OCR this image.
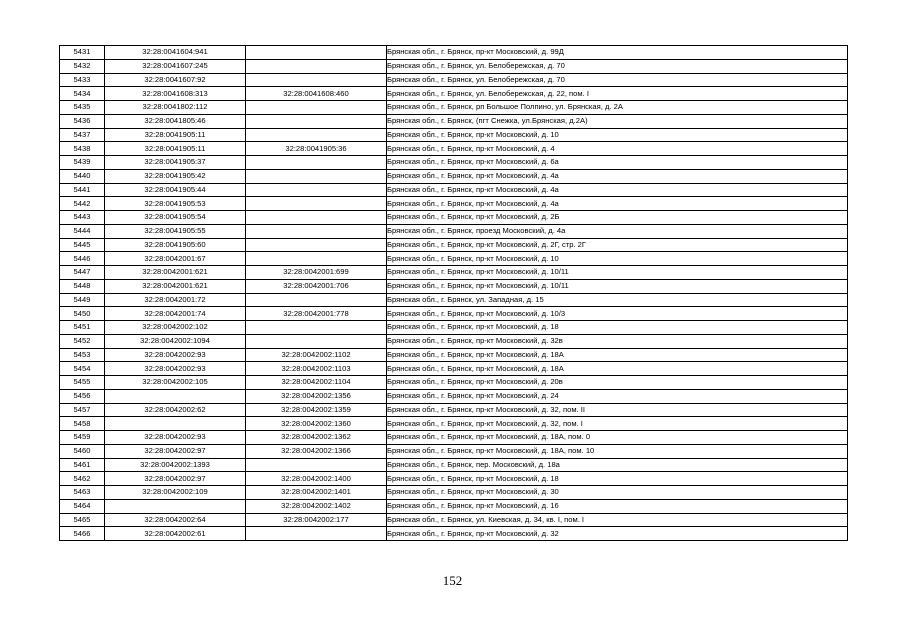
5431	32:28:0041604:941		Брянская обл., г. Брянск, пр-кт Московский, д. 99Д
5432	32:28:0041607:245		Брянская обл., г. Брянск, ул. Белобережская, д. 70
5433	32:28:0041607:92		Брянская обл., г. Брянск, ул. Белобережская, д. 70
5434	32:28:0041608:313	32:28:0041608:460	Брянская обл., г. Брянск, ул. Белобережская, д. 22, пом. I
5435	32:28:0041802:112		Брянская обл., г. Брянск, рп Большое Полпино, ул. Брянская, д. 2А
5436	32:28:0041805:46		Брянская обл., г. Брянск, (пгт Снежка, ул.Брянская, д.2А)
5437	32:28:0041905:11		Брянская обл., г. Брянск, пр-кт Московский, д. 10
5438	32:28:0041905:11	32:28:0041905:36	Брянская обл., г. Брянск, пр-кт Московский, д. 4
5439	32:28:0041905:37		Брянская обл., г. Брянск, пр-кт Московский, д. 6а
5440	32:28:0041905:42		Брянская обл., г. Брянск, пр-кт Московский, д. 4а
5441	32:28:0041905:44		Брянская обл., г. Брянск, пр-кт Московский, д. 4а
5442	32:28:0041905:53		Брянская обл., г. Брянск, пр-кт Московский, д. 4а
5443	32:28:0041905:54		Брянская обл., г. Брянск, пр-кт Московский, д. 2Б
5444	32:28:0041905:55		Брянская обл., г. Брянск, проезд Московский, д. 4а
5445	32:28:0041905:60		Брянская обл., г. Брянск, пр-кт Московский, д. 2Г, стр. 2Г
5446	32:28:0042001:67		Брянская обл., г. Брянск, пр-кт Московский, д. 10
5447	32:28:0042001:621	32:28:0042001:699	Брянская обл., г. Брянск, пр-кт Московский, д. 10/11
5448	32:28:0042001:621	32:28:0042001:706	Брянская обл., г. Брянск, пр-кт Московский, д. 10/11
5449	32:28:0042001:72		Брянская обл., г. Брянск, ул. Западная, д. 15
5450	32:28:0042001:74	32:28:0042001:778	Брянская обл., г. Брянск, пр-кт Московский, д. 10/3
5451	32:28:0042002:102		Брянская обл., г. Брянск, пр-кт Московский, д. 18
5452	32:28:0042002:1094		Брянская обл., г. Брянск, пр-кт Московский, д. 32в
5453	32:28:0042002:93	32:28:0042002:1102	Брянская обл., г. Брянск, пр-кт Московский, д. 18А
5454	32:28:0042002:93	32:28:0042002:1103	Брянская обл., г. Брянск, пр-кт Московский, д. 18А
5455	32:28:0042002:105	32:28:0042002:1104	Брянская обл., г. Брянск, пр-кт Московский, д. 20в
5456		32:28:0042002:1356	Брянская обл., г. Брянск, пр-кт Московский, д. 24
5457	32:28:0042002:62	32:28:0042002:1359	Брянская обл., г. Брянск, пр-кт Московский, д. 32, пом. II
5458		32:28:0042002:1360	Брянская обл., г. Брянск, пр-кт Московский, д. 32, пом. I
5459	32:28:0042002:93	32:28:0042002:1362	Брянская обл., г. Брянск, пр-кт Московский, д. 18А, пом. 0
5460	32:28:0042002:97	32:28:0042002:1366	Брянская обл., г. Брянск, пр-кт Московский, д. 18А, пом. 10
5461	32:28:0042002:1393		Брянская обл., г. Брянск, пер. Московский, д. 18а
5462	32:28:0042002:97	32:28:0042002:1400	Брянская обл., г. Брянск, пр-кт Московский, д. 18
5463	32:28:0042002:109	32:28:0042002:1401	Брянская обл., г. Брянск, пр-кт Московский, д. 30
5464		32:28:0042002:1402	Брянская обл., г. Брянск, пр-кт Московский, д. 16
5465	32:28:0042002:64	32:28:0042002:177	Брянская обл., г. Брянск, ул. Киевская, д. 34, кв. I, пом. I
5466	32:28:0042002:61		Брянская обл., г. Брянск, пр-кт Московский, д. 32
152
